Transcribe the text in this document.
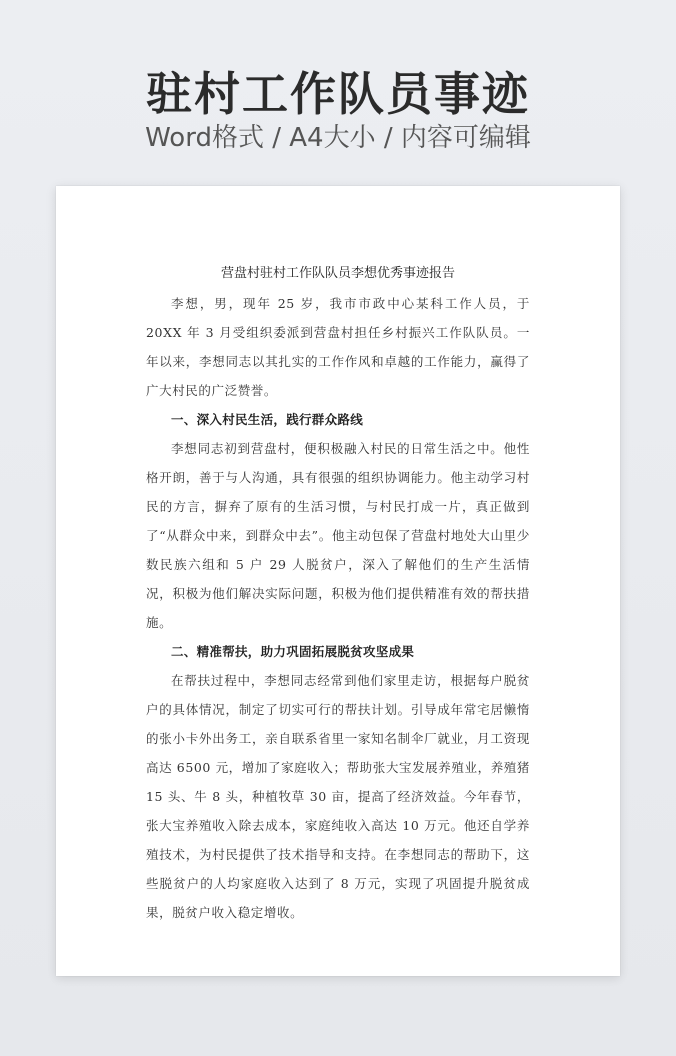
驻村工作队员事迹
Word格式 / A4大小 / 内容可编辑
营盘村驻村工作队队员李想优秀事迹报告

李想，男，现年 25 岁，我市市政中心某科工作人员，于 20XX 年 3 月受组织委派到营盘村担任乡村振兴工作队队员。一年以来，李想同志以其扎实的工作作风和卓越的工作能力，赢得了广大村民的广泛赞誉。

一、深入村民生活，践行群众路线

李想同志初到营盘村，便积极融入村民的日常生活之中。他性格开朗，善于与人沟通，具有很强的组织协调能力。他主动学习村民的方言，摒弃了原有的生活习惯，与村民打成一片，真正做到了“从群众中来，到群众中去”。他主动包保了营盘村地处大山里少数民族六组和 5 户 29 人脱贫户，深入了解他们的生产生活情况，积极为他们解决实际问题，积极为他们提供精准有效的帮扶措施。

二、精准帮扶，助力巩固拓展脱贫攻坚成果

在帮扶过程中，李想同志经常到他们家里走访，根据每户脱贫户的具体情况，制定了切实可行的帮扶计划。引导成年常宅居懒惰的张小卡外出务工，亲自联系省里一家知名制伞厂就业，月工资现高达 6500 元，增加了家庭收入；帮助张大宝发展养殖业，养殖猪 15 头、牛 8 头，种植牧草 30 亩，提高了经济效益。今年春节，张大宝养殖收入除去成本，家庭纯收入高达 10 万元。他还自学养殖技术，为村民提供了技术指导和支持。在李想同志的帮助下，这些脱贫户的人均家庭收入达到了 8 万元，实现了巩固提升脱贫成果，脱贫户收入稳定增收。
